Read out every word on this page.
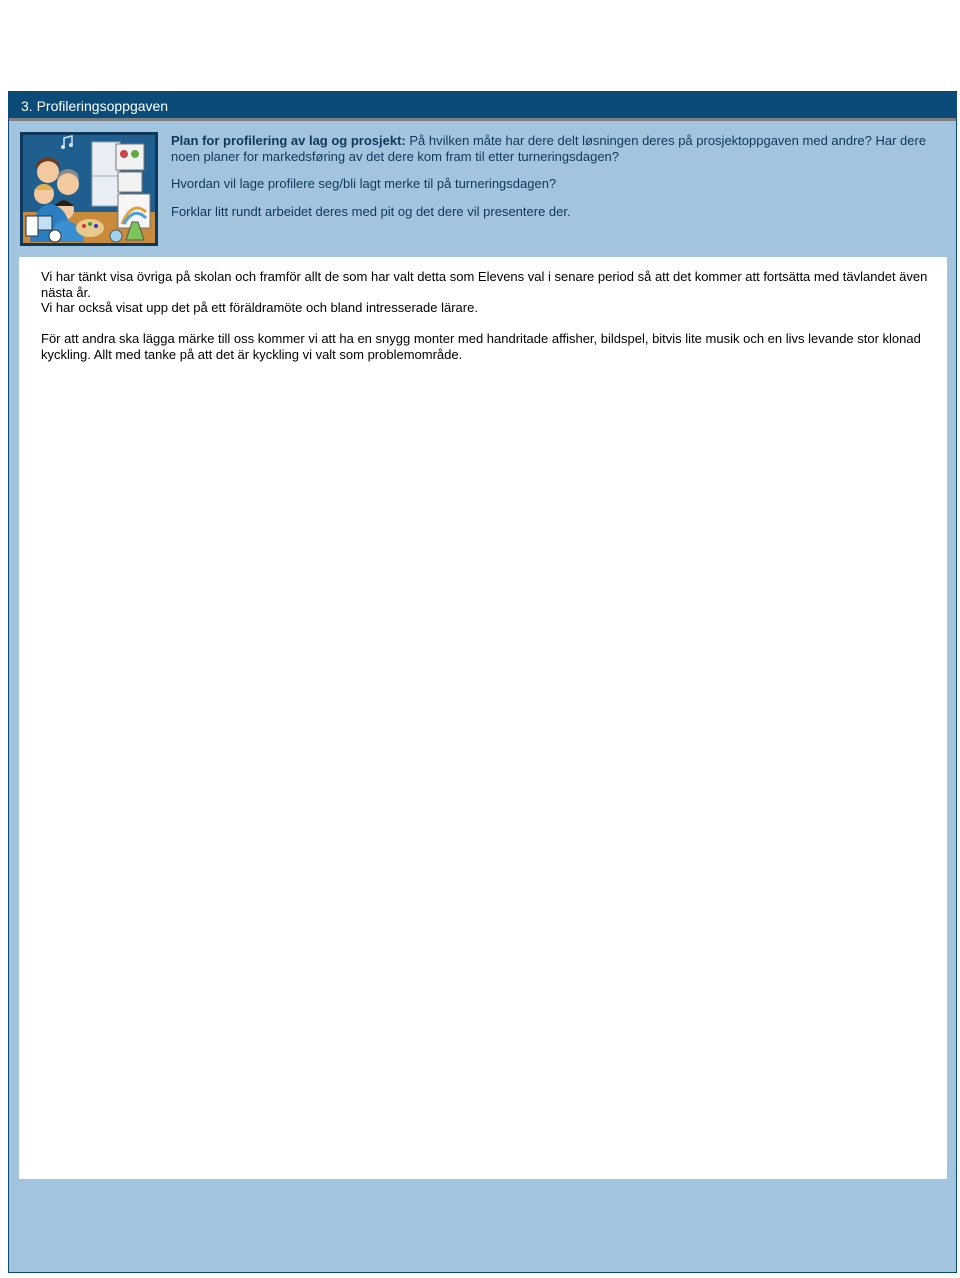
3. Profileringsoppgaven

Plan for profilering av lag og prosjekt: På hvilken måte har dere delt løsningen deres på prosjektoppgaven med andre? Har dere noen planer for markedsføring av det dere kom fram til etter turneringsdagen?

Hvordan vil lage profilere seg/bli lagt merke til på turneringsdagen?

Forklar litt rundt arbeidet deres med pit og det dere vil presentere der.

Vi har tänkt visa övriga på skolan och framför allt de som har valt detta som Elevens val i senare period så att det kommer att fortsätta med tävlandet även nästa år.
Vi har också visat upp det på ett föräldramöte och bland intresserade lärare.

För att andra ska lägga märke till oss kommer vi att ha en snygg monter med handritade affisher, bildspel, bitvis lite musik och en livs levande stor klonad kyckling. Allt med tanke på att det är kyckling vi valt som problemområde.
